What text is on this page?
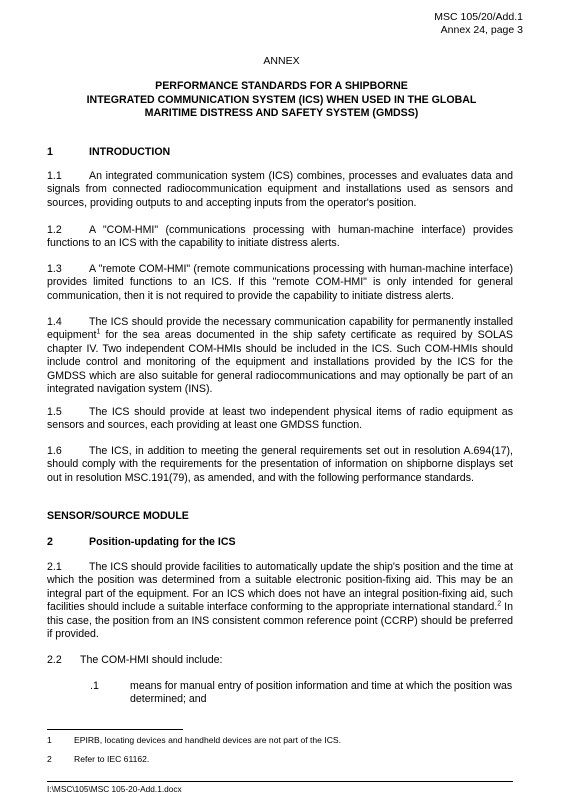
MSC 105/20/Add.1
Annex 24, page 3
ANNEX
PERFORMANCE STANDARDS FOR A SHIPBORNE
INTEGRATED COMMUNICATION SYSTEM (ICS) WHEN USED IN THE GLOBAL
MARITIME DISTRESS AND SAFETY SYSTEM (GMDSS)
1	INTRODUCTION
1.1	An integrated communication system (ICS) combines, processes and evaluates data and signals from connected radiocommunication equipment and installations used as sensors and sources, providing outputs to and accepting inputs from the operator's position.
1.2	A "COM-HMI" (communications processing with human-machine interface) provides functions to an ICS with the capability to initiate distress alerts.
1.3	A "remote COM-HMI" (remote communications processing with human-machine interface) provides limited functions to an ICS. If this "remote COM-HMI" is only intended for general communication, then it is not required to provide the capability to initiate distress alerts.
1.4	The ICS should provide the necessary communication capability for permanently installed equipment$^1$ for the sea areas documented in the ship safety certificate as required by SOLAS chapter IV. Two independent COM-HMIs should be included in the ICS. Such COM-HMIs should include control and monitoring of the equipment and installations provided by the ICS for the GMDSS which are also suitable for general radiocommunications and may optionally be part of an integrated navigation system (INS).
1.5	The ICS should provide at least two independent physical items of radio equipment as sensors and sources, each providing at least one GMDSS function.
1.6	The ICS, in addition to meeting the general requirements set out in resolution A.694(17), should comply with the requirements for the presentation of information on shipborne displays set out in resolution MSC.191(79), as amended, and with the following performance standards.
SENSOR/SOURCE MODULE
2	Position-updating for the ICS
2.1	The ICS should provide facilities to automatically update the ship's position and the time at which the position was determined from a suitable electronic position-fixing aid. This may be an integral part of the equipment. For an ICS which does not have an integral position-fixing aid, such facilities should include a suitable interface conforming to the appropriate international standard.$^2$ In this case, the position from an INS consistent common reference point (CCRP) should be preferred if provided.
2.2 The COM-HMI should include:
.1	means for manual entry of position information and time at which the position was determined; and
1	EPIRB, locating devices and handheld devices are not part of the ICS.
2	Refer to IEC 61162.
I:\MSC\105\MSC 105-20-Add.1.docx
